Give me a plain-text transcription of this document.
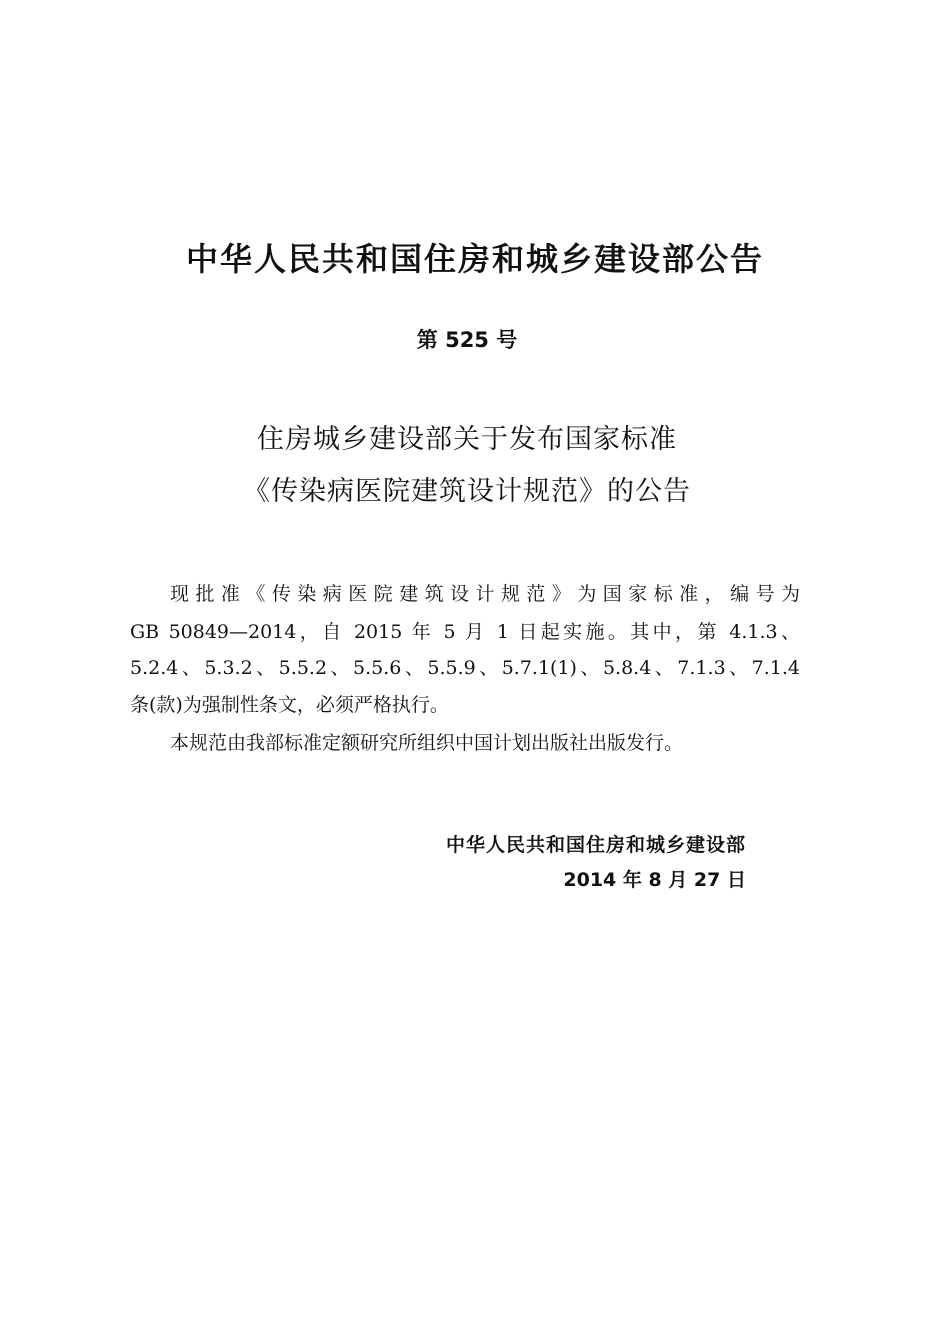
中华人民共和国住房和城乡建设部公告
第 525 号
住房城乡建设部关于发布国家标准
《传染病医院建筑设计规范》的公告
现批准《传染病医院建筑设计规范》为国家标准，编号为
GB 50849—2014，自 2015 年 5 月 1 日起实施。其中，第 4.1.3、
5.2.4、5.3.2、5.5.2、5.5.6、5.5.9、5.7.1(1)、5.8.4、7.1.3、7.1.4
条(款)为强制性条文，必须严格执行。
本规范由我部标准定额研究所组织中国计划出版社出版发行。
中华人民共和国住房和城乡建设部
2014 年 8 月 27 日
